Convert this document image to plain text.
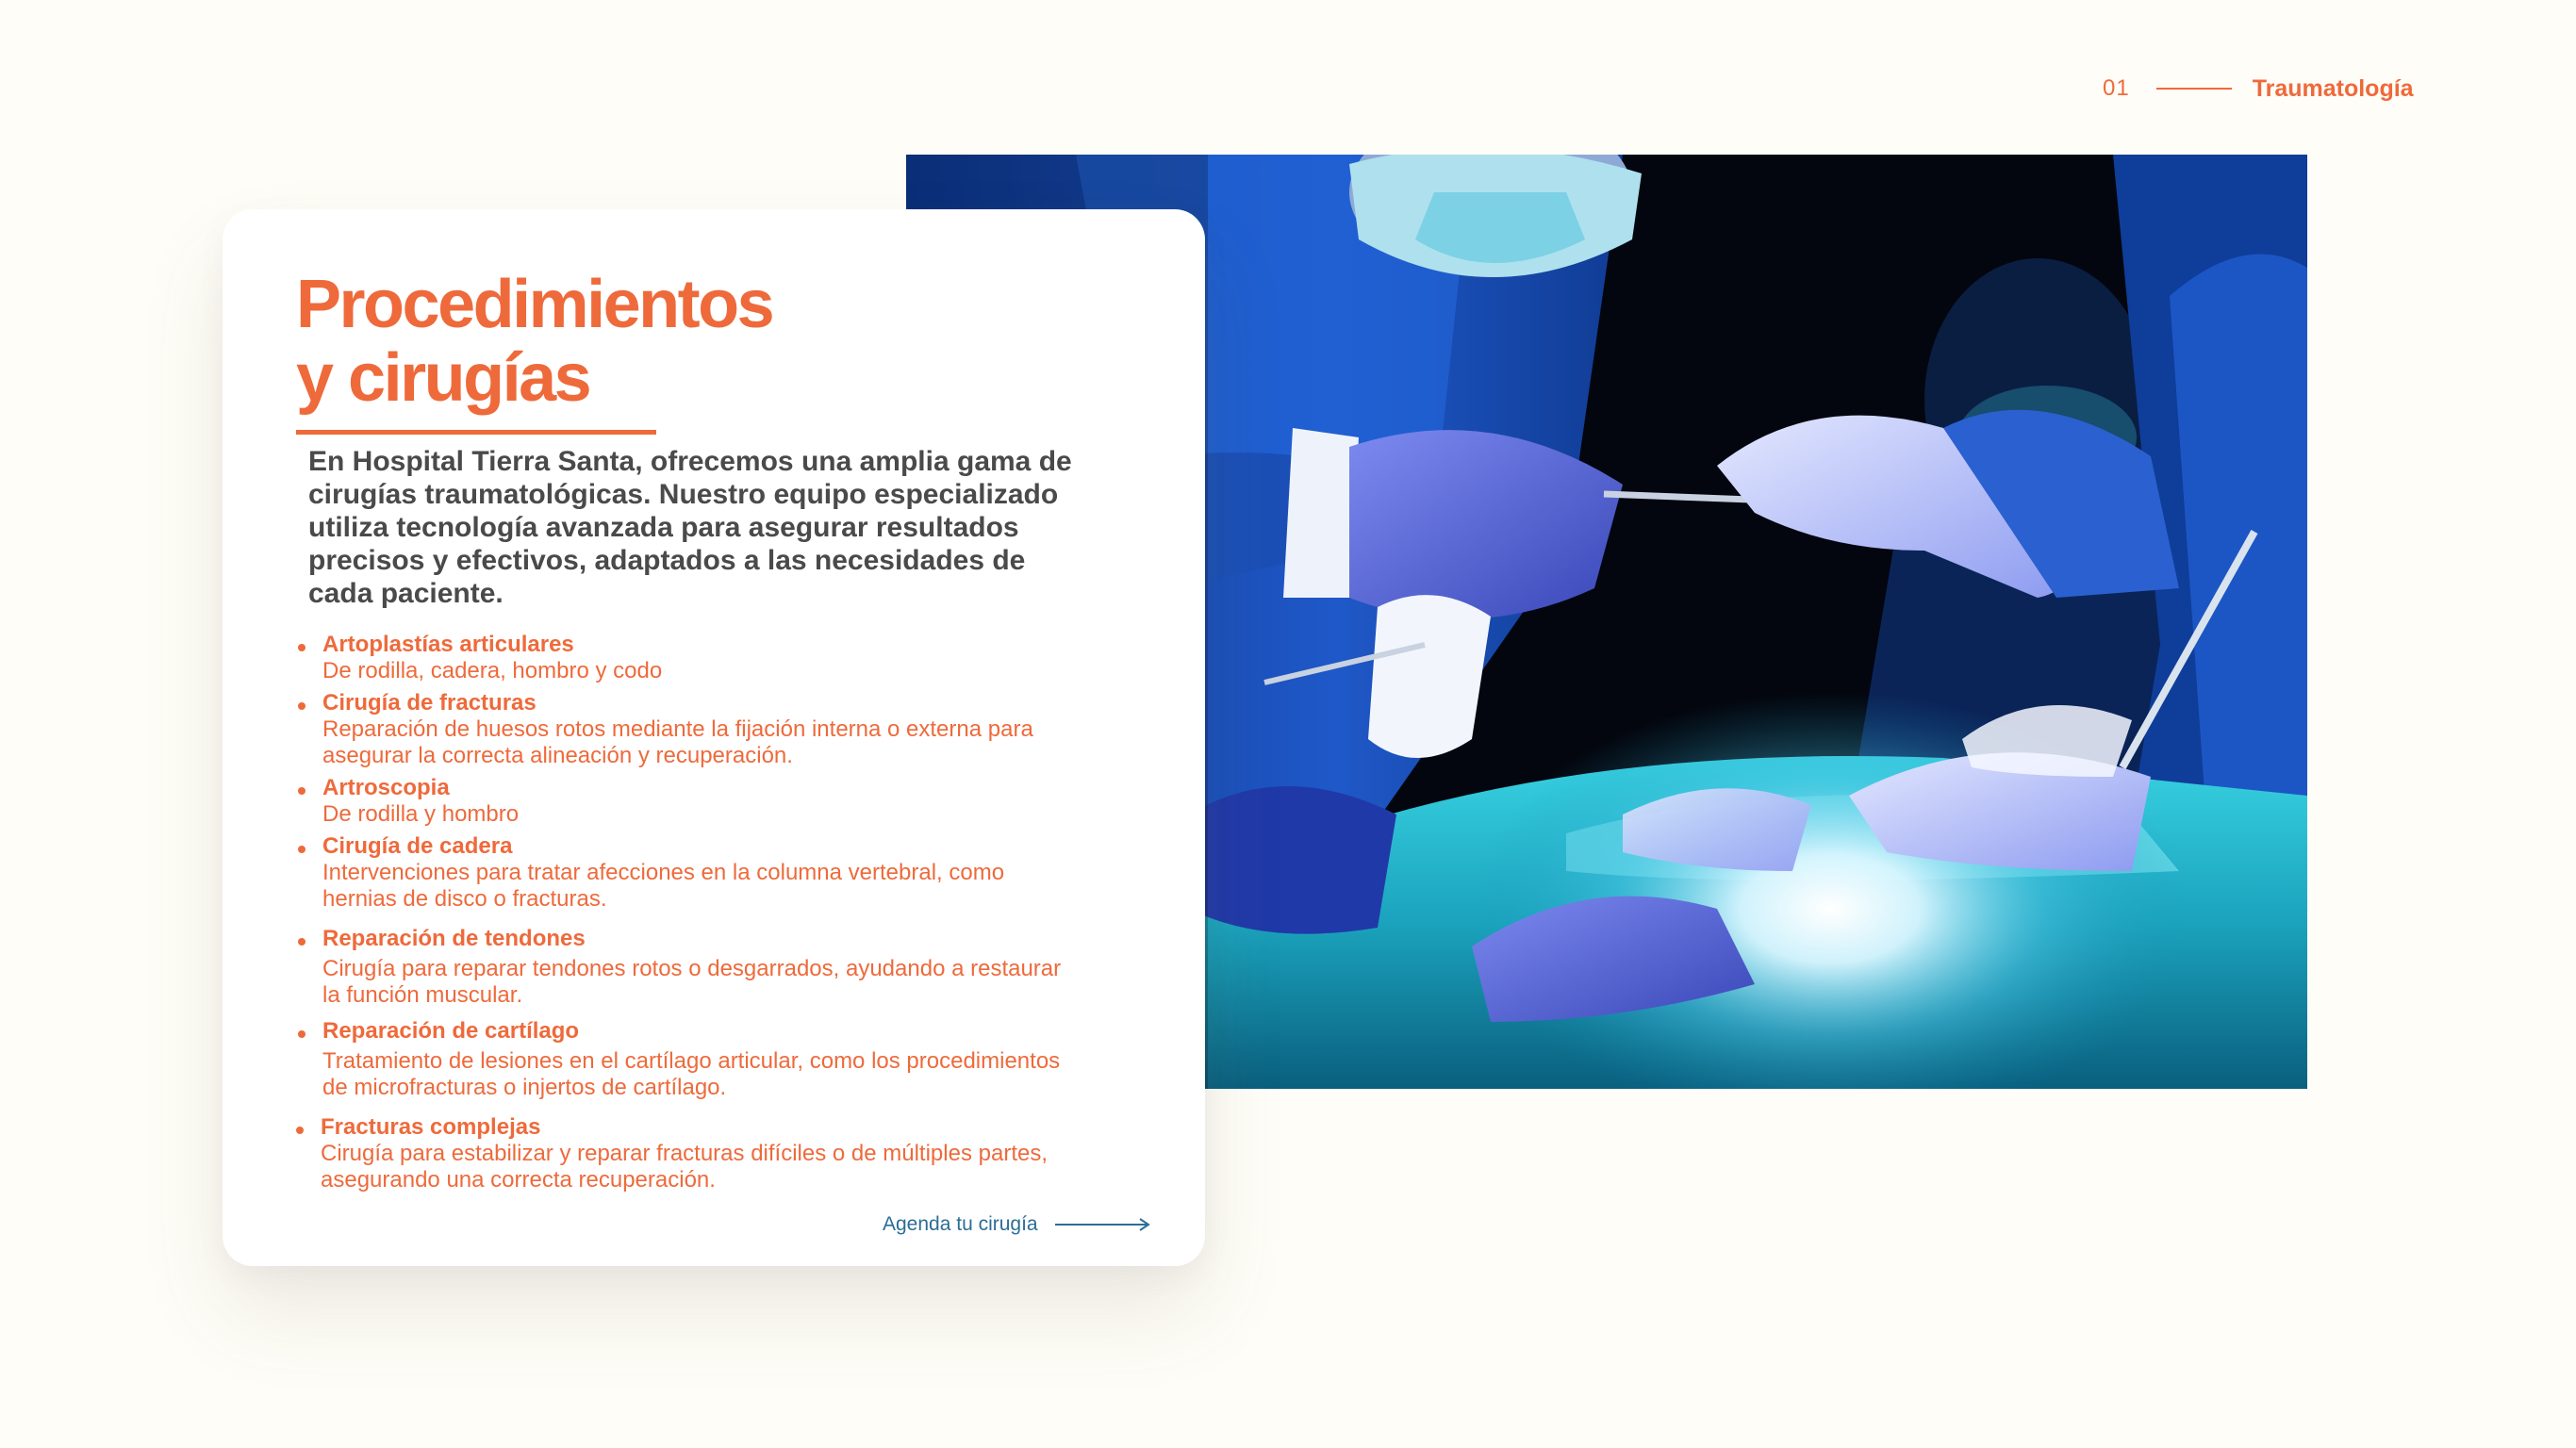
01	Traumatología
Procedimientos
y cirugías

En Hospital Tierra Santa, ofrecemos una amplia gama de cirugías traumatológicas. Nuestro equipo especializado utiliza tecnología avanzada para asegurar resultados precisos y efectivos, adaptados a las necesidades de cada paciente.

Artoplastías articulares
De rodilla, cadera, hombro y codo
Cirugía de fracturas
Reparación de huesos rotos mediante la fijación interna o externa para asegurar la correcta alineación y recuperación.
Artroscopia
De rodilla y hombro
Cirugía de cadera
Intervenciones para tratar afecciones en la columna vertebral, como hernias de disco o fracturas.
Reparación de tendones
Cirugía para reparar tendones rotos o desgarrados, ayudando a restaurar la función muscular.
Reparación de cartílago
Tratamiento de lesiones en el cartílago articular, como los procedimientos de microfracturas o injertos de cartílago.
Fracturas complejas
Cirugía para estabilizar y reparar fracturas difíciles o de múltiples partes, asegurando una correcta recuperación.
Agenda tu cirugía
